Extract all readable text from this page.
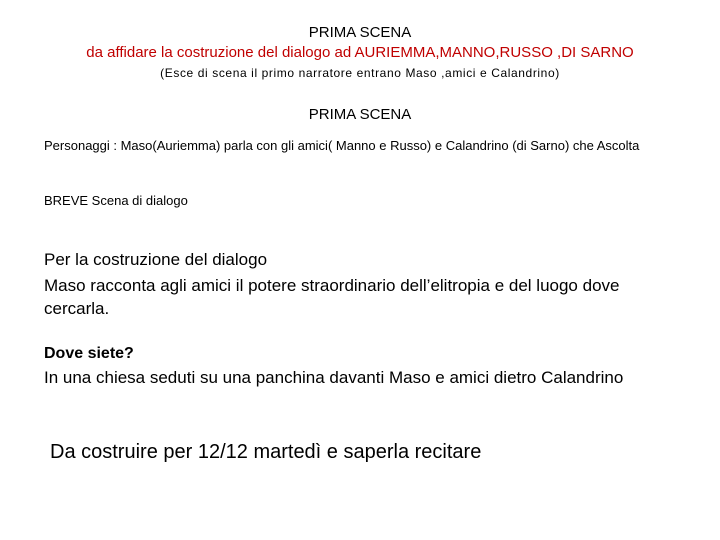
PRIMA SCENA
da affidare la costruzione del dialogo ad AURIEMMA,MANNO,RUSSO ,DI SARNO
(Esce di scena il primo narratore entrano Maso ,amici e Calandrino)
PRIMA SCENA
Personaggi : Maso(Auriemma) parla con gli amici( Manno e Russo) e Calandrino (di Sarno) che Ascolta
BREVE Scena di dialogo
Per la costruzione del dialogo
Maso racconta agli amici il potere straordinario dell’elitropia e del luogo dove cercarla.
Dove siete?
In una chiesa seduti su una panchina davanti Maso e amici dietro Calandrino
Da costruire per 12/12 martedì e saperla recitare
